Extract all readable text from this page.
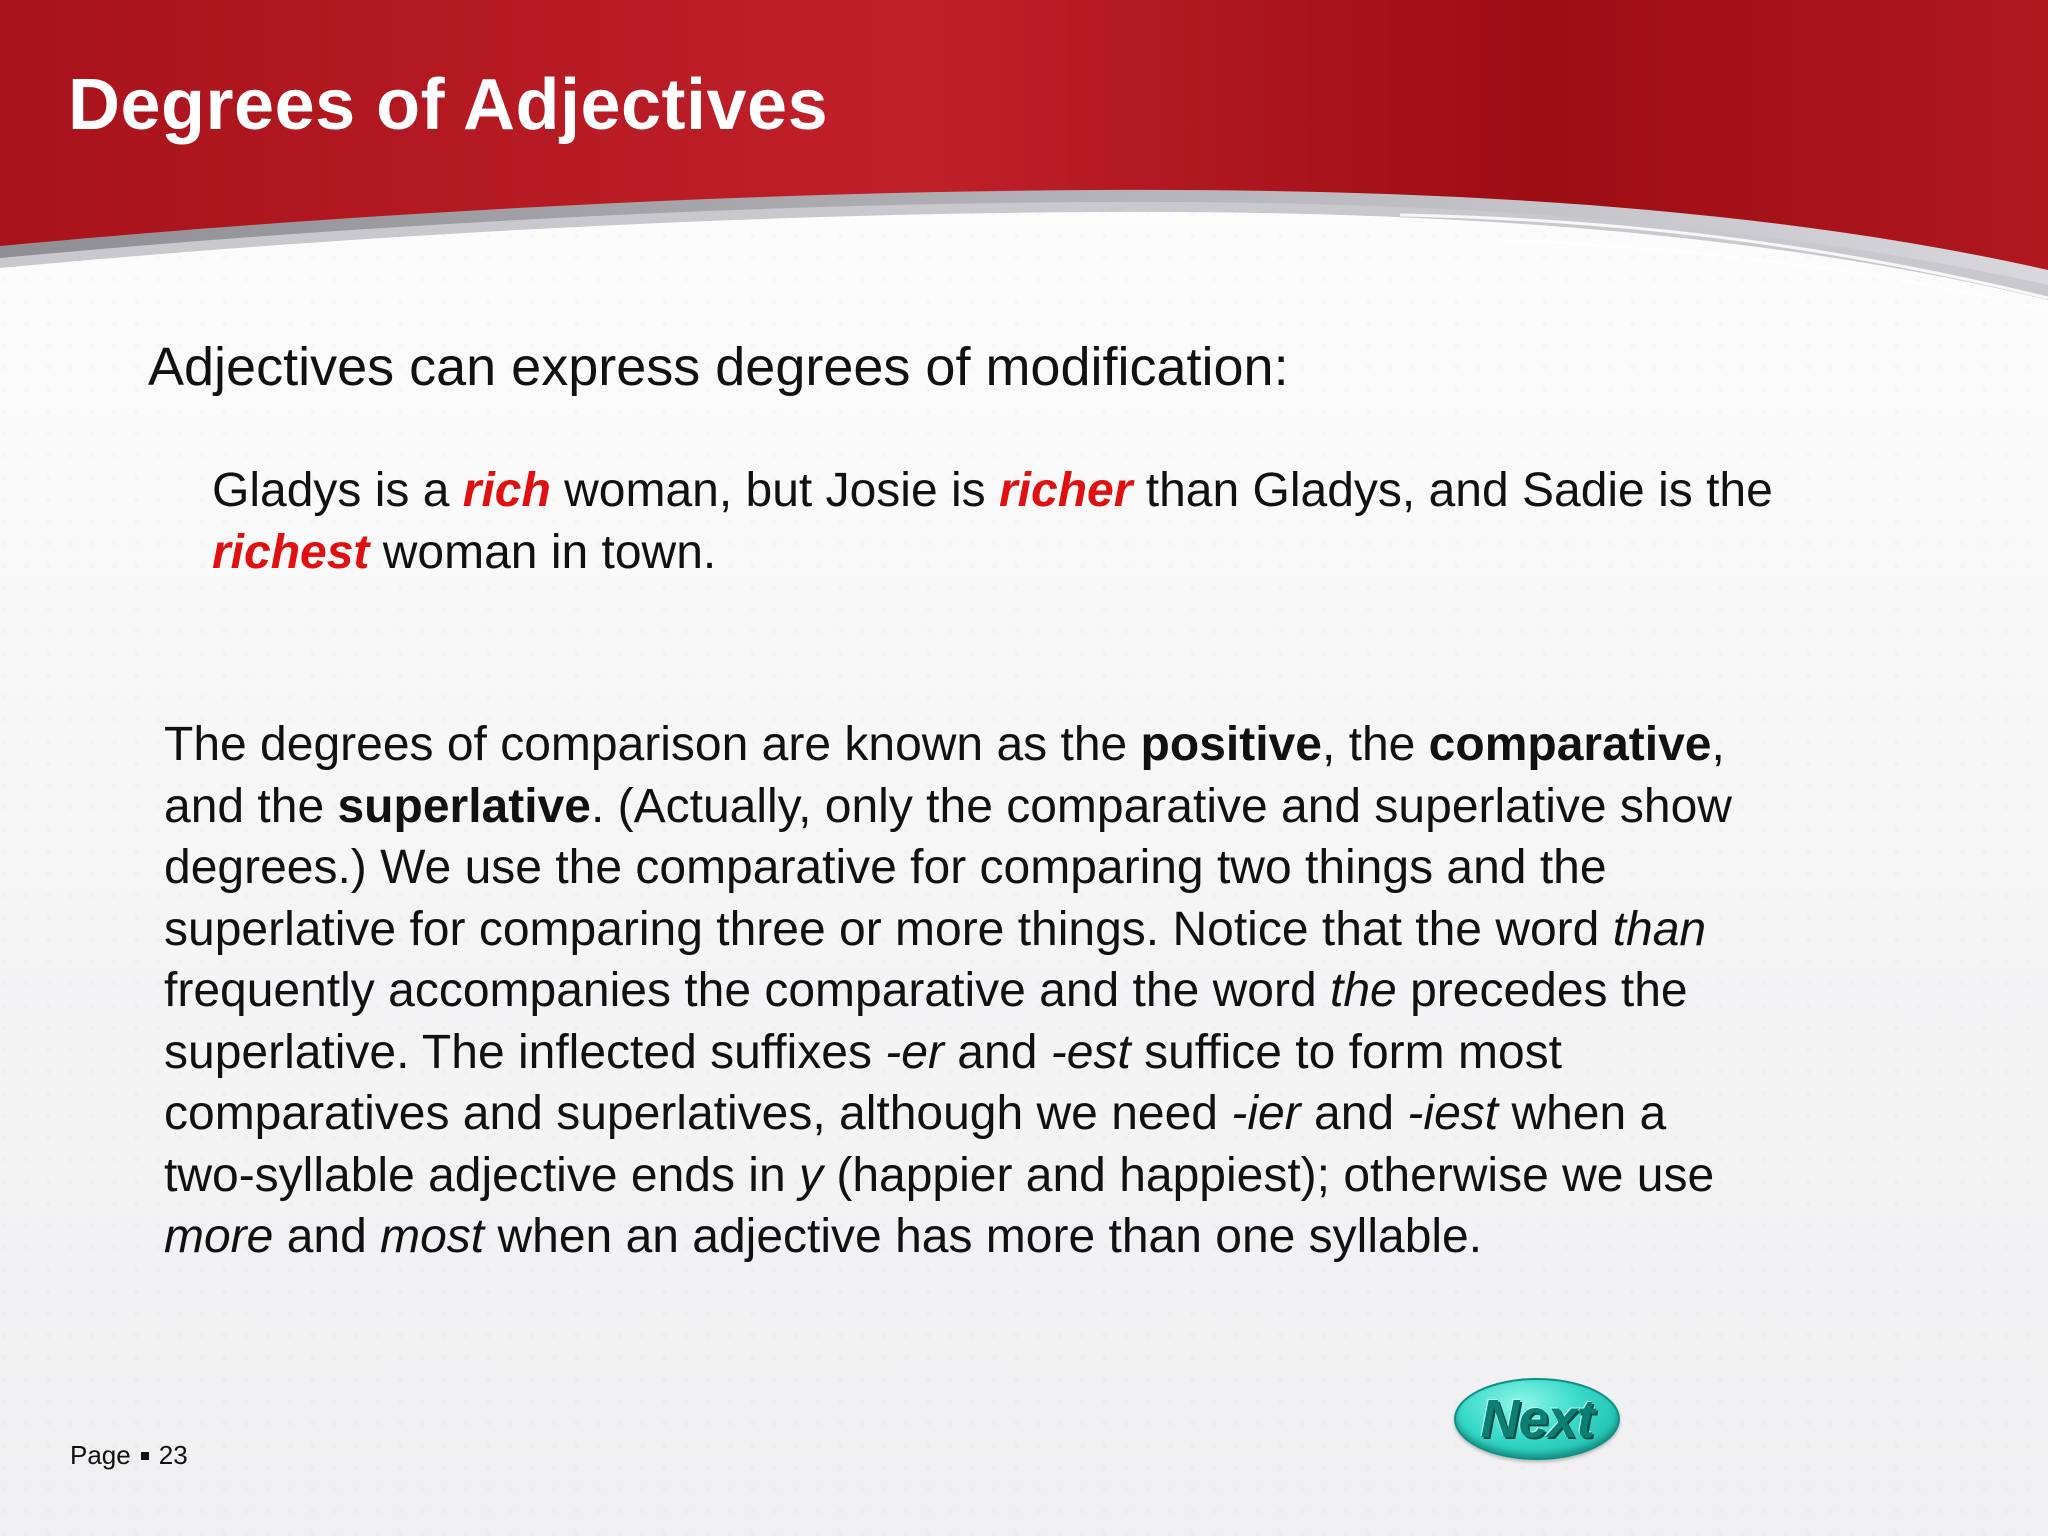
Degrees of Adjectives

Adjectives can express degrees of modification:

Gladys is a rich woman, but Josie is richer than Gladys, and Sadie is the
richest woman in town.

The degrees of comparison are known as the positive, the comparative,
and the superlative. (Actually, only the comparative and superlative show
degrees.) We use the comparative for comparing two things and the
superlative for comparing three or more things. Notice that the word than
frequently accompanies the comparative and the word the precedes the
superlative. The inflected suffixes -er and -est suffice to form most
comparatives and superlatives, although we need -ier and -iest when a
two-syllable adjective ends in y (happier and happiest); otherwise we use
more and most when an adjective has more than one syllable.

Next
Page 23
